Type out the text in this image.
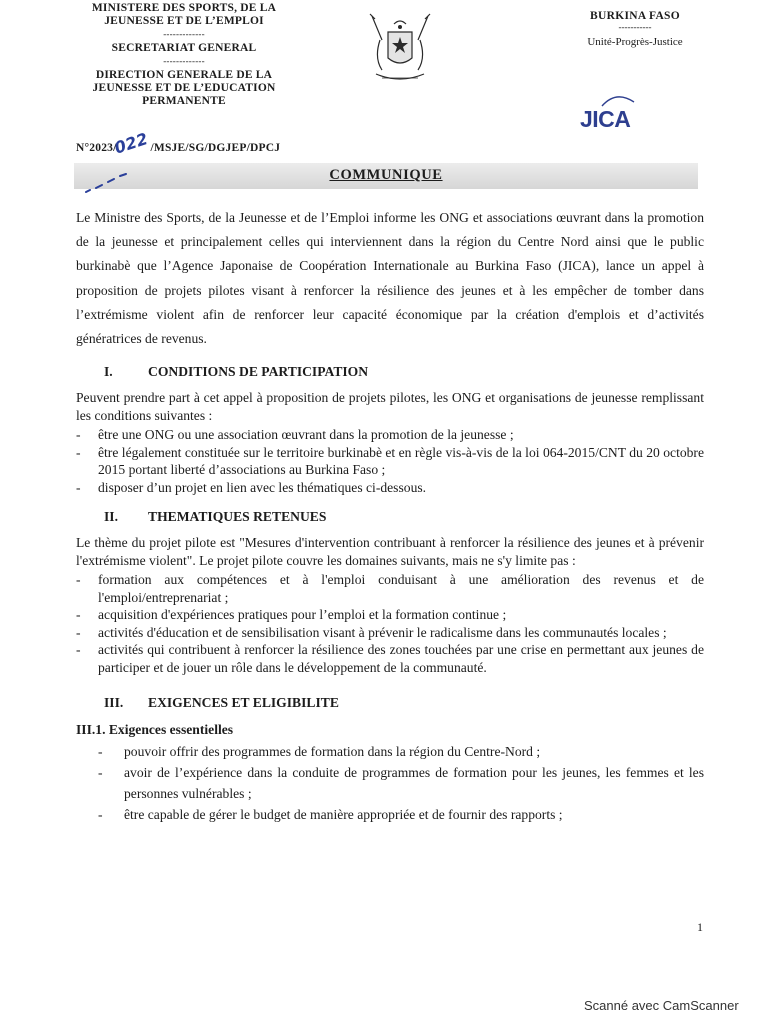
MINISTERE DES SPORTS, DE LA
JEUNESSE ET DE L’EMPLOI
-------------
SECRETARIAT GENERAL
-------------
DIRECTION GENERALE DE LA
JEUNESSE ET DE L’EDUCATION
PERMANENTE
BURKINA FASO
-----------
Unité-Progrès-Justice
JICA
N°2023/022/MSJE/SG/DGJEP/DPCJ
COMMUNIQUE

Le Ministre des Sports, de la Jeunesse et de l’Emploi informe les ONG et associations œuvrant dans la promotion de la jeunesse et principalement celles qui interviennent dans la région du Centre Nord ainsi que le public burkinabè que l’Agence Japonaise de Coopération Internationale au Burkina Faso (JICA), lance un appel à proposition de projets pilotes visant à renforcer la résilience des jeunes et à les empêcher de tomber dans l’extrémisme violent afin de renforcer leur capacité économique par la création d'emplois et d’activités génératrices de revenus.

I.	CONDITIONS DE PARTICIPATION

Peuvent prendre part à cet appel à proposition de projets pilotes, les ONG et organisations de jeunesse remplissant les conditions suivantes :

- être une ONG ou une association œuvrant dans la promotion de la jeunesse ;
- être légalement constituée sur le territoire burkinabè et en règle vis-à-vis de la loi 064-2015/CNT du 20 octobre 2015 portant liberté d’associations au Burkina Faso ;
- disposer d’un projet en lien avec les thématiques ci-dessous.
II. THEMATIQUES RETENUES

Le thème du projet pilote est "Mesures d'intervention contribuant à renforcer la résilience des jeunes et à prévenir l'extrémisme violent". Le projet pilote couvre les domaines suivants, mais ne s'y limite pas :

- formation aux compétences et à l'emploi conduisant à une amélioration des revenus et de l'emploi/entreprenariat ;
- acquisition d'expériences pratiques pour l’emploi et la formation continue ;
- activités d'éducation et de sensibilisation visant à prévenir le radicalisme dans les communautés locales ;
- activités qui contribuent à renforcer la résilience des zones touchées par une crise en permettant aux jeunes de participer et de jouer un rôle dans le développement de la communauté.
III. EXIGENCES ET ELIGIBILITE
III.1. Exigences essentielles
- pouvoir offrir des programmes de formation dans la région du Centre-Nord ;
- avoir de l’expérience dans la conduite de programmes de formation pour les jeunes, les femmes et les personnes vulnérables ;
- être capable de gérer le budget de manière appropriée et de fournir des rapports ;
1
Scanné avec CamScanner
